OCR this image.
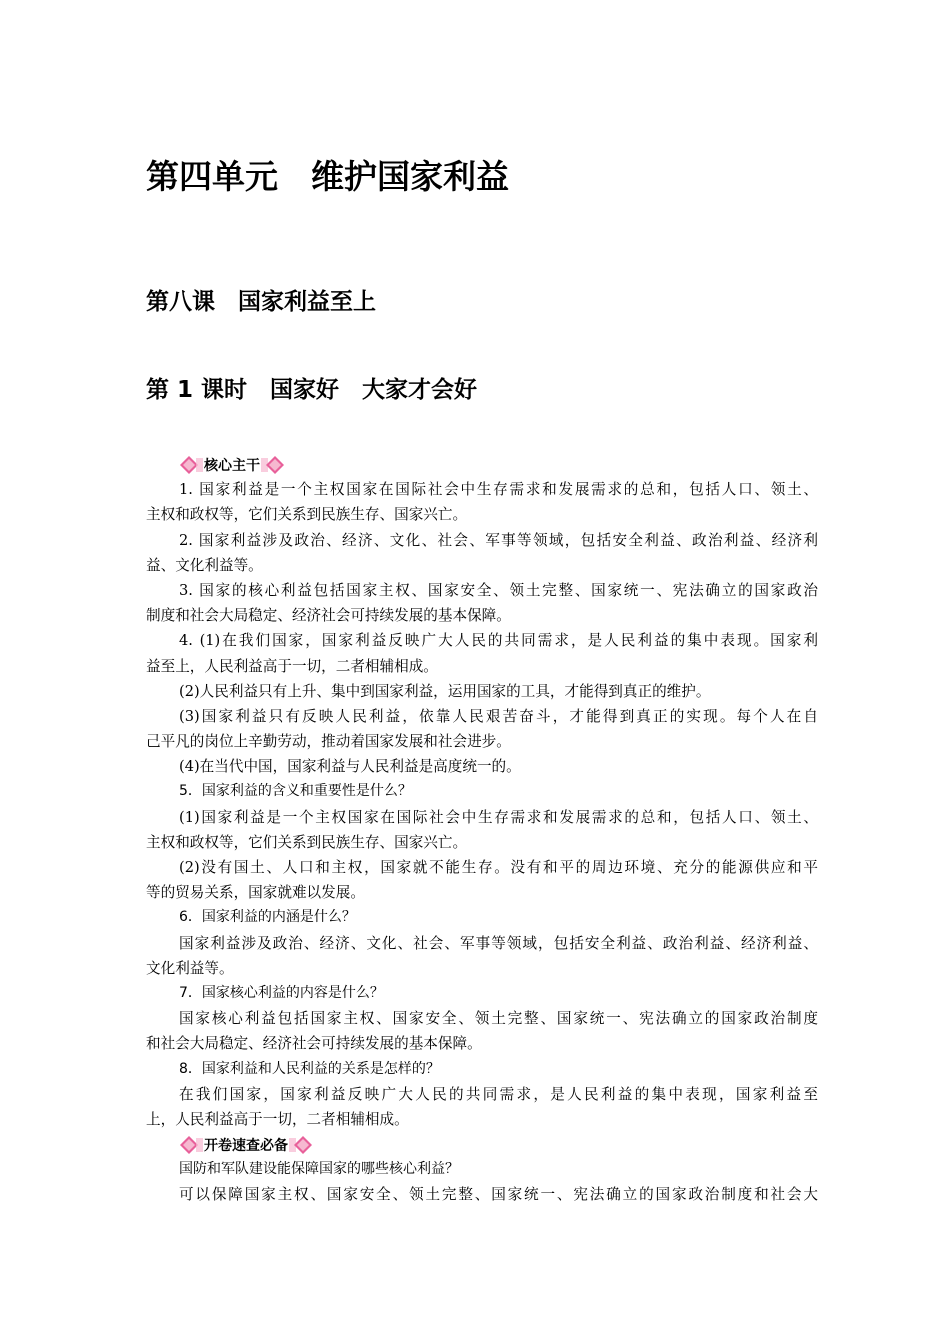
第四单元　维护国家利益
第八课　国家利益至上
第 1 课时　国家好　大家才会好
核心主干
1. 国家利益是一个主权国家在国际社会中生存需求和发展需求的总和，包括人口、领土、
主权和政权等，它们关系到民族生存、国家兴亡。
2. 国家利益涉及政治、经济、文化、社会、军事等领域，包括安全利益、政治利益、经济利
益、文化利益等。
3. 国家的核心利益包括国家主权、国家安全、领土完整、国家统一、宪法确立的国家政治
制度和社会大局稳定、经济社会可持续发展的基本保障。
4. (1)在我们国家，国家利益反映广大人民的共同需求，是人民利益的集中表现。国家利
益至上，人民利益高于一切，二者相辅相成。
(2)人民利益只有上升、集中到国家利益，运用国家的工具，才能得到真正的维护。
(3)国家利益只有反映人民利益，依靠人民艰苦奋斗，才能得到真正的实现。每个人在自
己平凡的岗位上辛勤劳动，推动着国家发展和社会进步。
(4)在当代中国，国家利益与人民利益是高度统一的。
5．国家利益的含义和重要性是什么？
(1)国家利益是一个主权国家在国际社会中生存需求和发展需求的总和，包括人口、领土、
主权和政权等，它们关系到民族生存、国家兴亡。
(2)没有国土、人口和主权，国家就不能生存。没有和平的周边环境、充分的能源供应和平
等的贸易关系，国家就难以发展。
6．国家利益的内涵是什么？
国家利益涉及政治、经济、文化、社会、军事等领域，包括安全利益、政治利益、经济利益、
文化利益等。
7．国家核心利益的内容是什么？
国家核心利益包括国家主权、国家安全、领土完整、国家统一、宪法确立的国家政治制度
和社会大局稳定、经济社会可持续发展的基本保障。
8．国家利益和人民利益的关系是怎样的？
在我们国家，国家利益反映广大人民的共同需求，是人民利益的集中表现，国家利益至
上，人民利益高于一切，二者相辅相成。
开卷速查必备
国防和军队建设能保障国家的哪些核心利益？
可以保障国家主权、国家安全、领土完整、国家统一、宪法确立的国家政治制度和社会大
